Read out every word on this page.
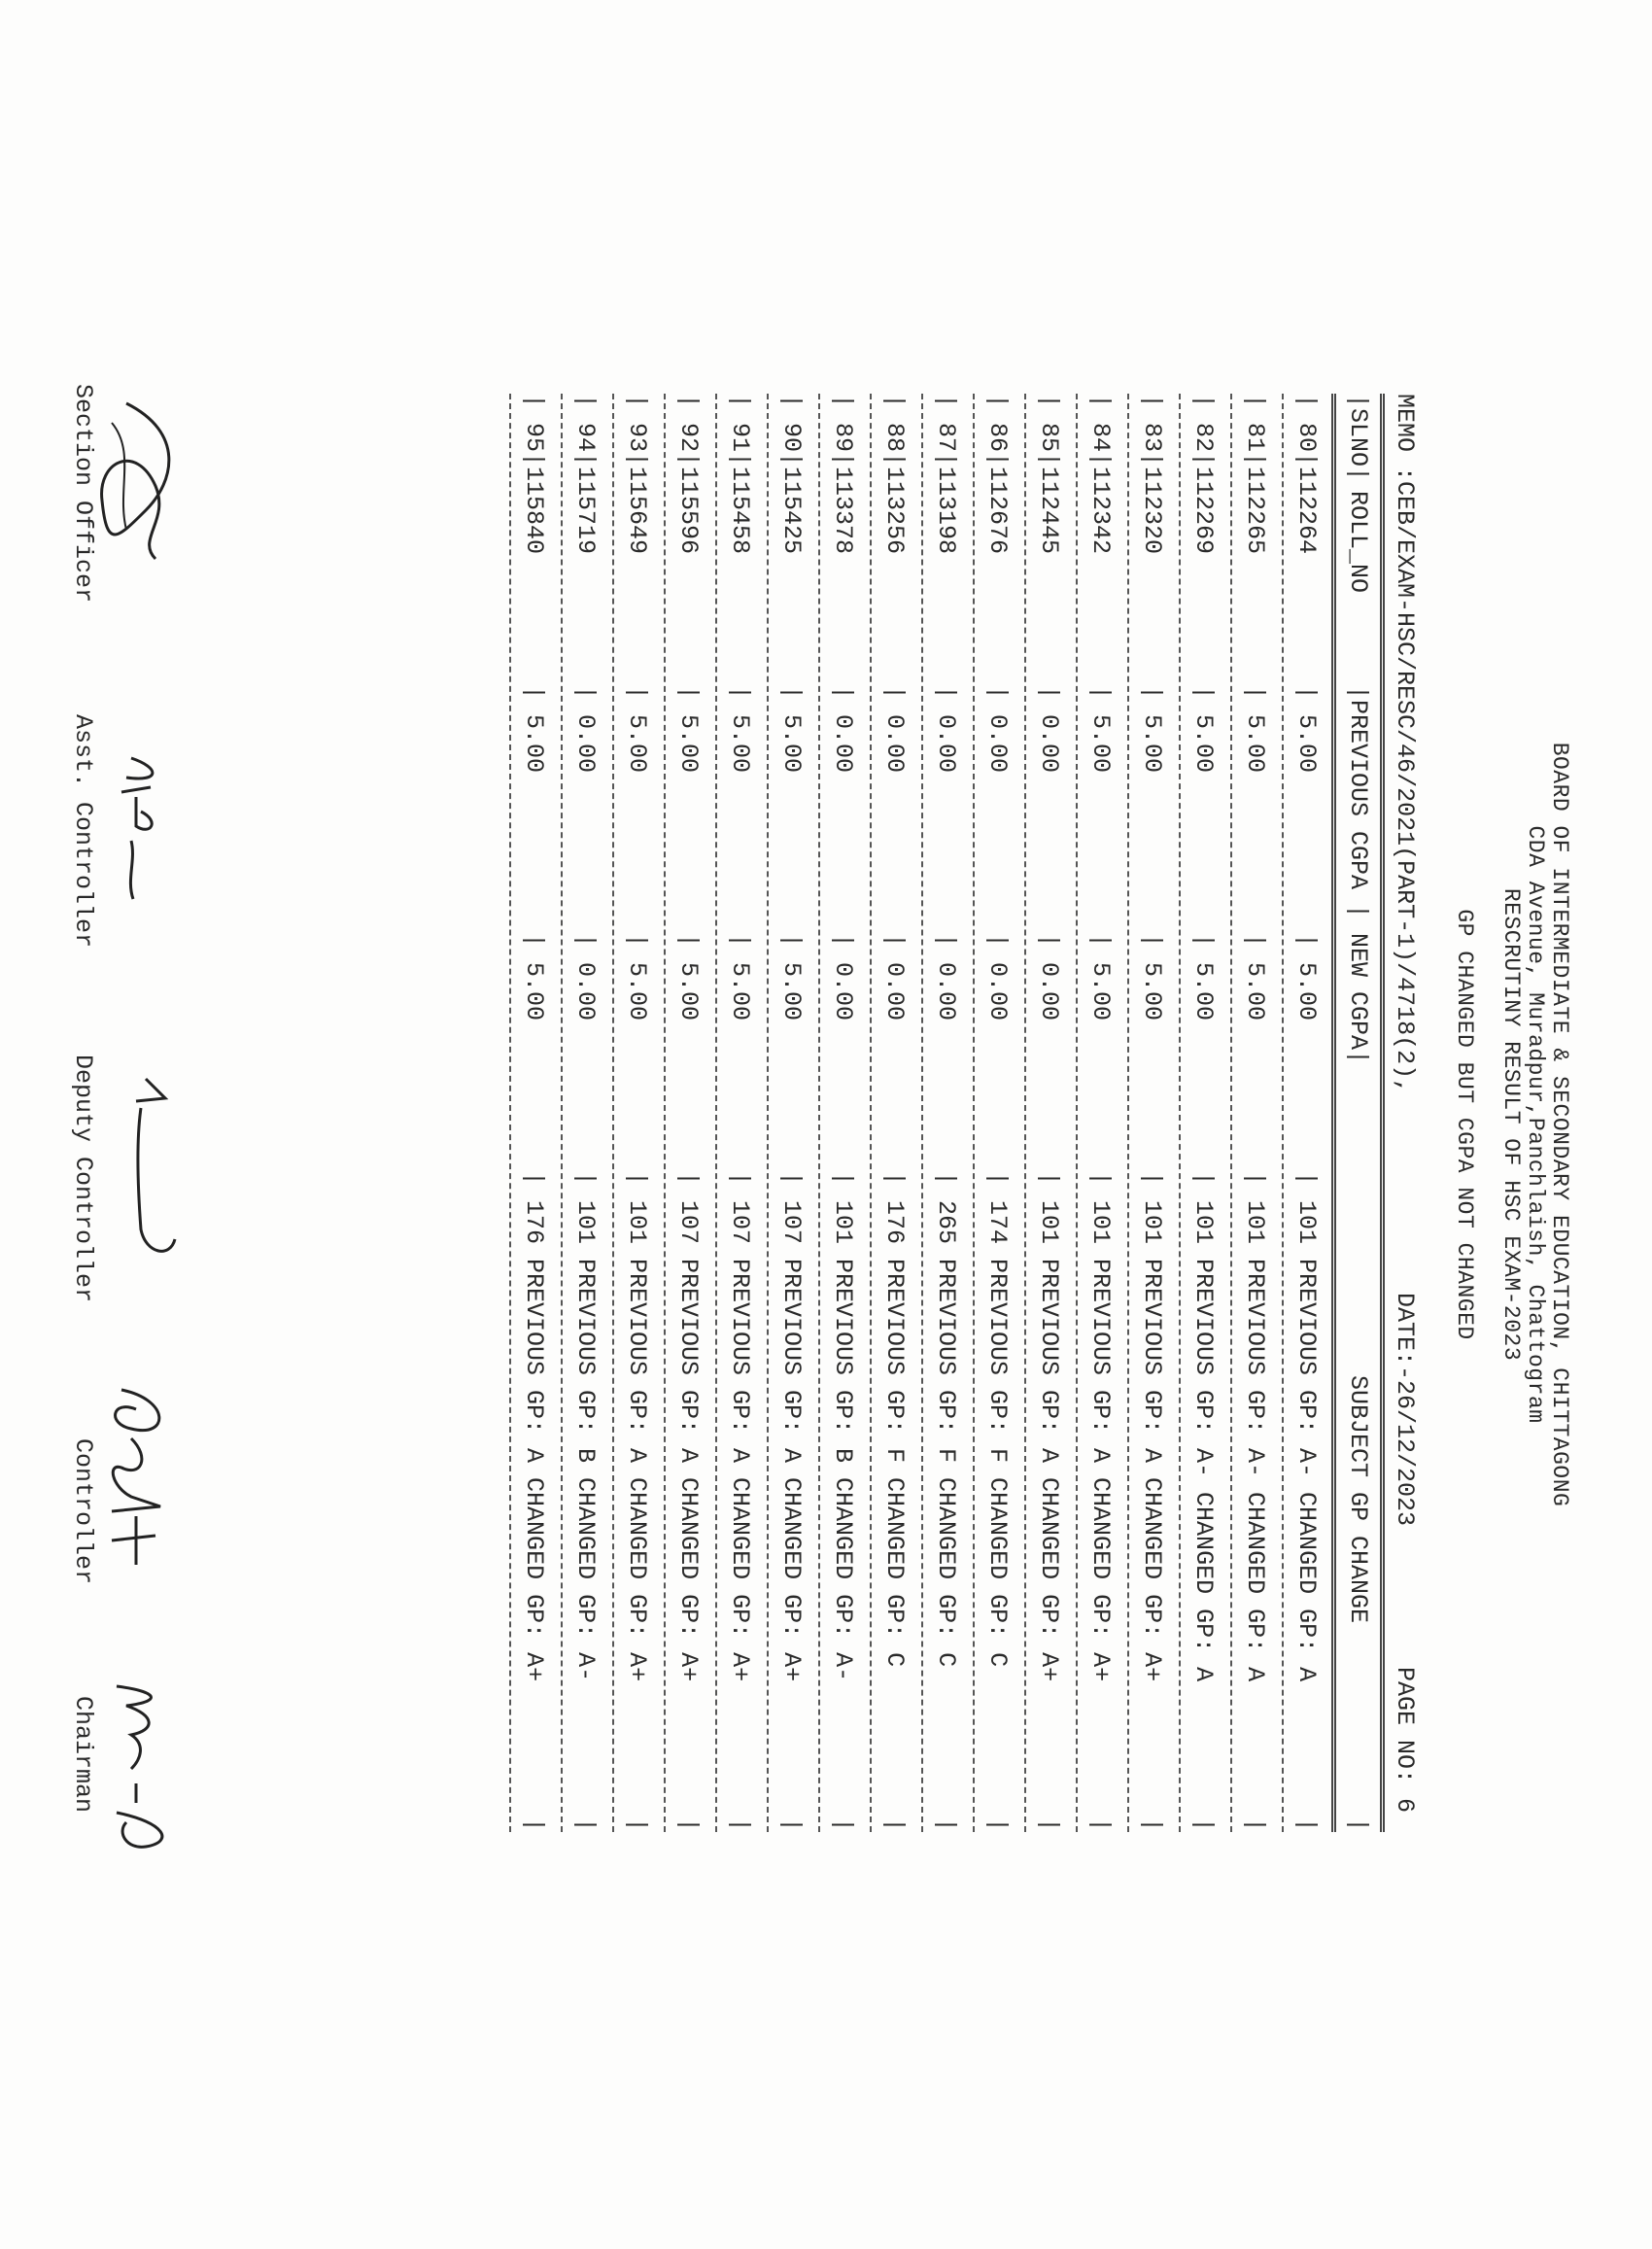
BOARD OF INTERMEDIATE & SECONDARY EDUCATION, CHITTAGONG
CDA Avenue, Muradpur,Panchlaish, Chattogram
RESCRUTINY RESULT OF HSC EXAM-2023
GP CHANGED BUT CGPA NOT CHANGED
MEMO :CEB/EXAM-HSC/RESC/46/2021(PART-1)/4718(2),
DATE:-26/12/2023
PAGE NO: 6
|SLNO|
ROLL_NO
|PREVIOUS CGPA |
NEW CGPA|
SUBJECT GP CHANGE
|
| 80|
112264
| 5.00
| 5.00
| 101 PREVIOUS GP: A- CHANGED GP: A
|
| 81|
112265
| 5.00
| 5.00
| 101 PREVIOUS GP: A- CHANGED GP: A
|
| 82|
112269
| 5.00
| 5.00
| 101 PREVIOUS GP: A- CHANGED GP: A
|
| 83|
112320
| 5.00
| 5.00
| 101 PREVIOUS GP: A CHANGED GP: A+
|
| 84|
112342
| 5.00
| 5.00
| 101 PREVIOUS GP: A CHANGED GP: A+
|
| 85|
112445
| 0.00
| 0.00
| 101 PREVIOUS GP: A CHANGED GP: A+
|
| 86|
112676
| 0.00
| 0.00
| 174 PREVIOUS GP: F CHANGED GP: C
|
| 87|
113198
| 0.00
| 0.00
| 265 PREVIOUS GP: F CHANGED GP: C
|
| 88|
113256
| 0.00
| 0.00
| 176 PREVIOUS GP: F CHANGED GP: C
|
| 89|
113378
| 0.00
| 0.00
| 101 PREVIOUS GP: B CHANGED GP: A-
|
| 90|
115425
| 5.00
| 5.00
| 107 PREVIOUS GP: A CHANGED GP: A+
|
| 91|
115458
| 5.00
| 5.00
| 107 PREVIOUS GP: A CHANGED GP: A+
|
| 92|
115596
| 5.00
| 5.00
| 107 PREVIOUS GP: A CHANGED GP: A+
|
| 93|
115649
| 5.00
| 5.00
| 101 PREVIOUS GP: A CHANGED GP: A+
|
| 94|
115719
| 0.00
| 0.00
| 101 PREVIOUS GP: B CHANGED GP: A-
|
| 95|
115840
| 5.00
| 5.00
| 176 PREVIOUS GP: A CHANGED GP: A+
|
Section Officer
Asst. Controller
Deputy Controller
Controller
Chairman
